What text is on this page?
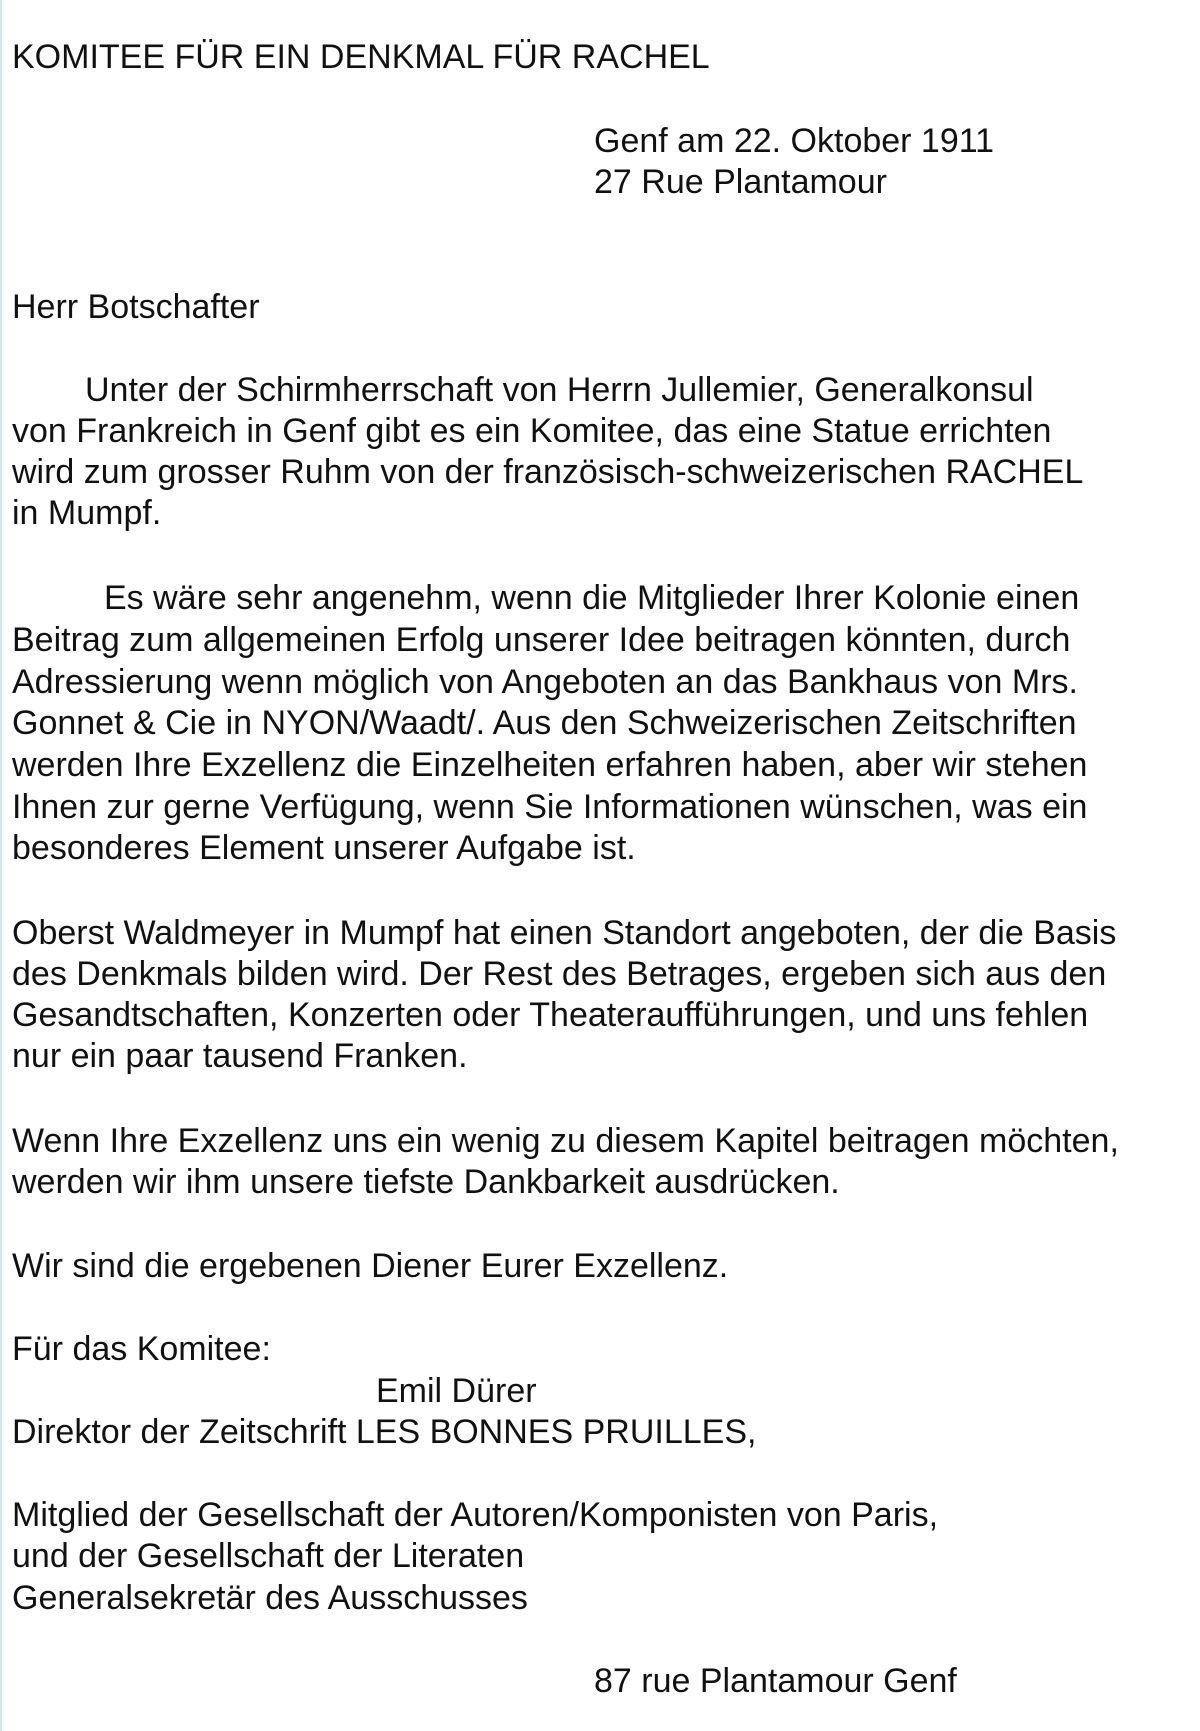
KOMITEE FÜR EIN DENKMAL FÜR RACHEL
Genf am 22. Oktober 1911
27 Rue Plantamour
Herr Botschafter
Unter der Schirmherrschaft von Herrn Jullemier, Generalkonsul
von Frankreich in Genf gibt es ein Komitee, das eine Statue errichten
wird zum grosser Ruhm von der französisch-schweizerischen RACHEL
in Mumpf.
Es wäre sehr angenehm, wenn die Mitglieder Ihrer Kolonie einen
Beitrag zum allgemeinen Erfolg unserer Idee beitragen könnten, durch
Adressierung wenn möglich von Angeboten an das Bankhaus von Mrs.
Gonnet & Cie in NYON/Waadt/. Aus den Schweizerischen Zeitschriften
werden Ihre Exzellenz die Einzelheiten erfahren haben, aber wir stehen
Ihnen zur gerne Verfügung, wenn Sie Informationen wünschen, was ein
besonderes Element unserer Aufgabe ist.
Oberst Waldmeyer in Mumpf hat einen Standort angeboten, der die Basis
des Denkmals bilden wird. Der Rest des Betrages, ergeben sich aus den
Gesandtschaften, Konzerten oder Theateraufführungen, und uns fehlen
nur ein paar tausend Franken.
Wenn Ihre Exzellenz uns ein wenig zu diesem Kapitel beitragen möchten,
werden wir ihm unsere tiefste Dankbarkeit ausdrücken.
Wir sind die ergebenen Diener Eurer Exzellenz.
Für das Komitee:
Emil Dürer
Direktor der Zeitschrift LES BONNES PRUILLES,
Mitglied der Gesellschaft der Autoren/Komponisten von Paris,
und der Gesellschaft der Literaten
Generalsekretär des Ausschusses
87 rue Plantamour Genf
